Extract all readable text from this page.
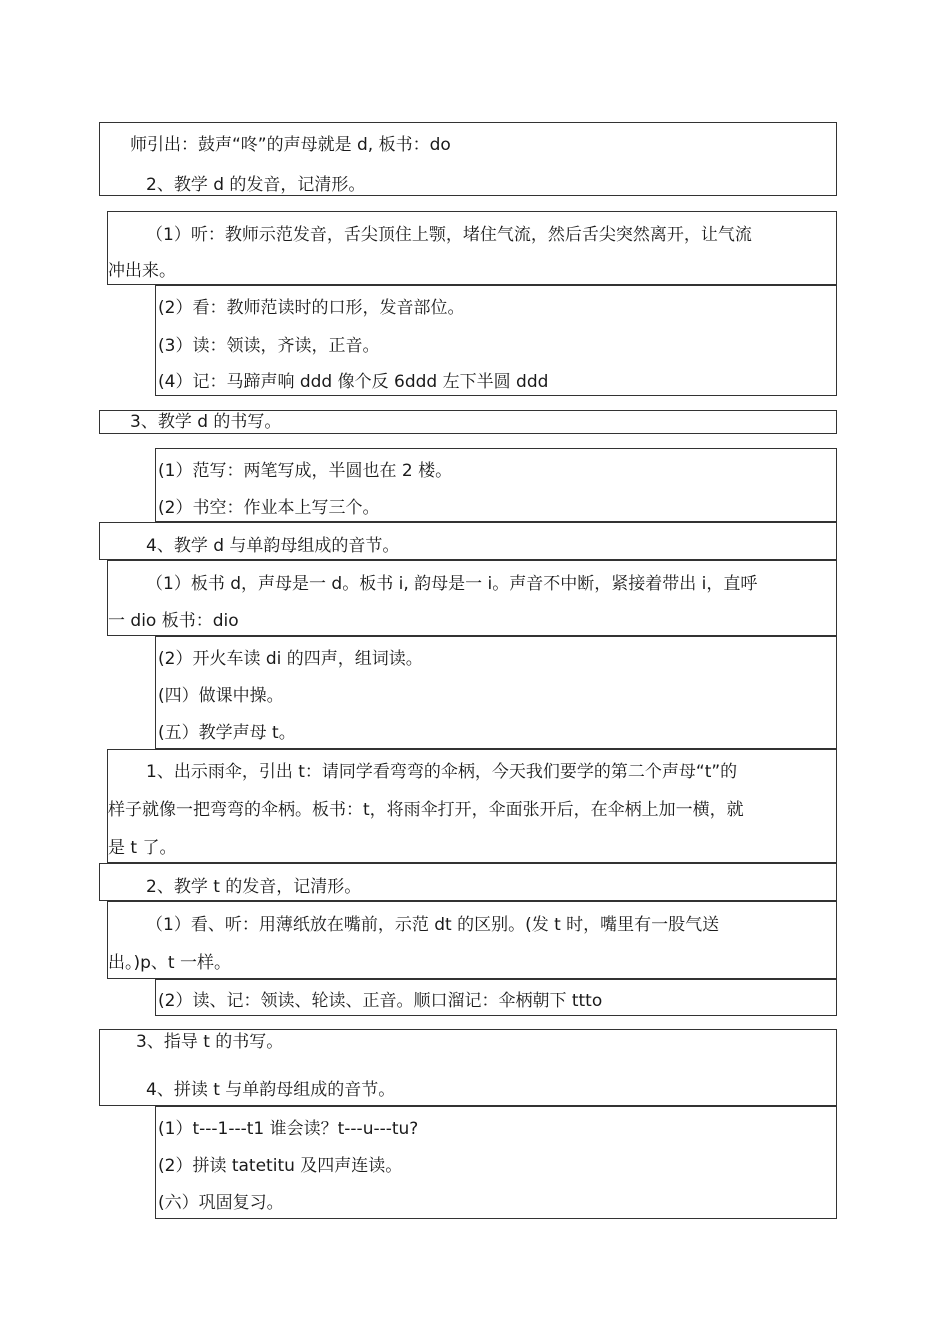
师引出：鼓声“咚”的声母就是 d, 板书：do
2、教学 d 的发音，记清形。
（1）听：教师示范发音，舌尖顶住上颚，堵住气流，然后舌尖突然离开，让气流
冲出来。
(2）看：教师范读时的口形，发音部位。
(3）读：领读，齐读，正音。
(4）记：马蹄声响 ddd 像个反 6ddd 左下半圆 ddd
3、教学 d 的书写。
(1）范写：两笔写成，半圆也在 2 楼。
(2）书空：作业本上写三个。
4、教学 d 与单韵母组成的音节。
（1）板书 d，声母是一 d。板书 i, 韵母是一 i。声音不中断，紧接着带出 i，直呼
一 dio 板书：dio
(2）开火车读 di 的四声，组词读。
(四）做课中操。
(五）教学声母 t。
1、出示雨伞，引出 t：请同学看弯弯的伞柄，今天我们要学的第二个声母“t”的
样子就像一把弯弯的伞柄。板书：t，将雨伞打开，伞面张开后，在伞柄上加一横，就
是 t 了。
2、教学 t 的发音，记清形。
（1）看、听：用薄纸放在嘴前，示范 dt 的区别。(发 t 时，嘴里有一股气送
出。)p、t 一样。
(2）读、记：领读、轮读、正音。顺口溜记：伞柄朝下 ttto
3、指导 t 的书写。
4、拼读 t 与单韵母组成的音节。
(1）t---1---t1 谁会读？t---u---tu?
(2）拼读 tatetitu 及四声连读。
(六）巩固复习。
